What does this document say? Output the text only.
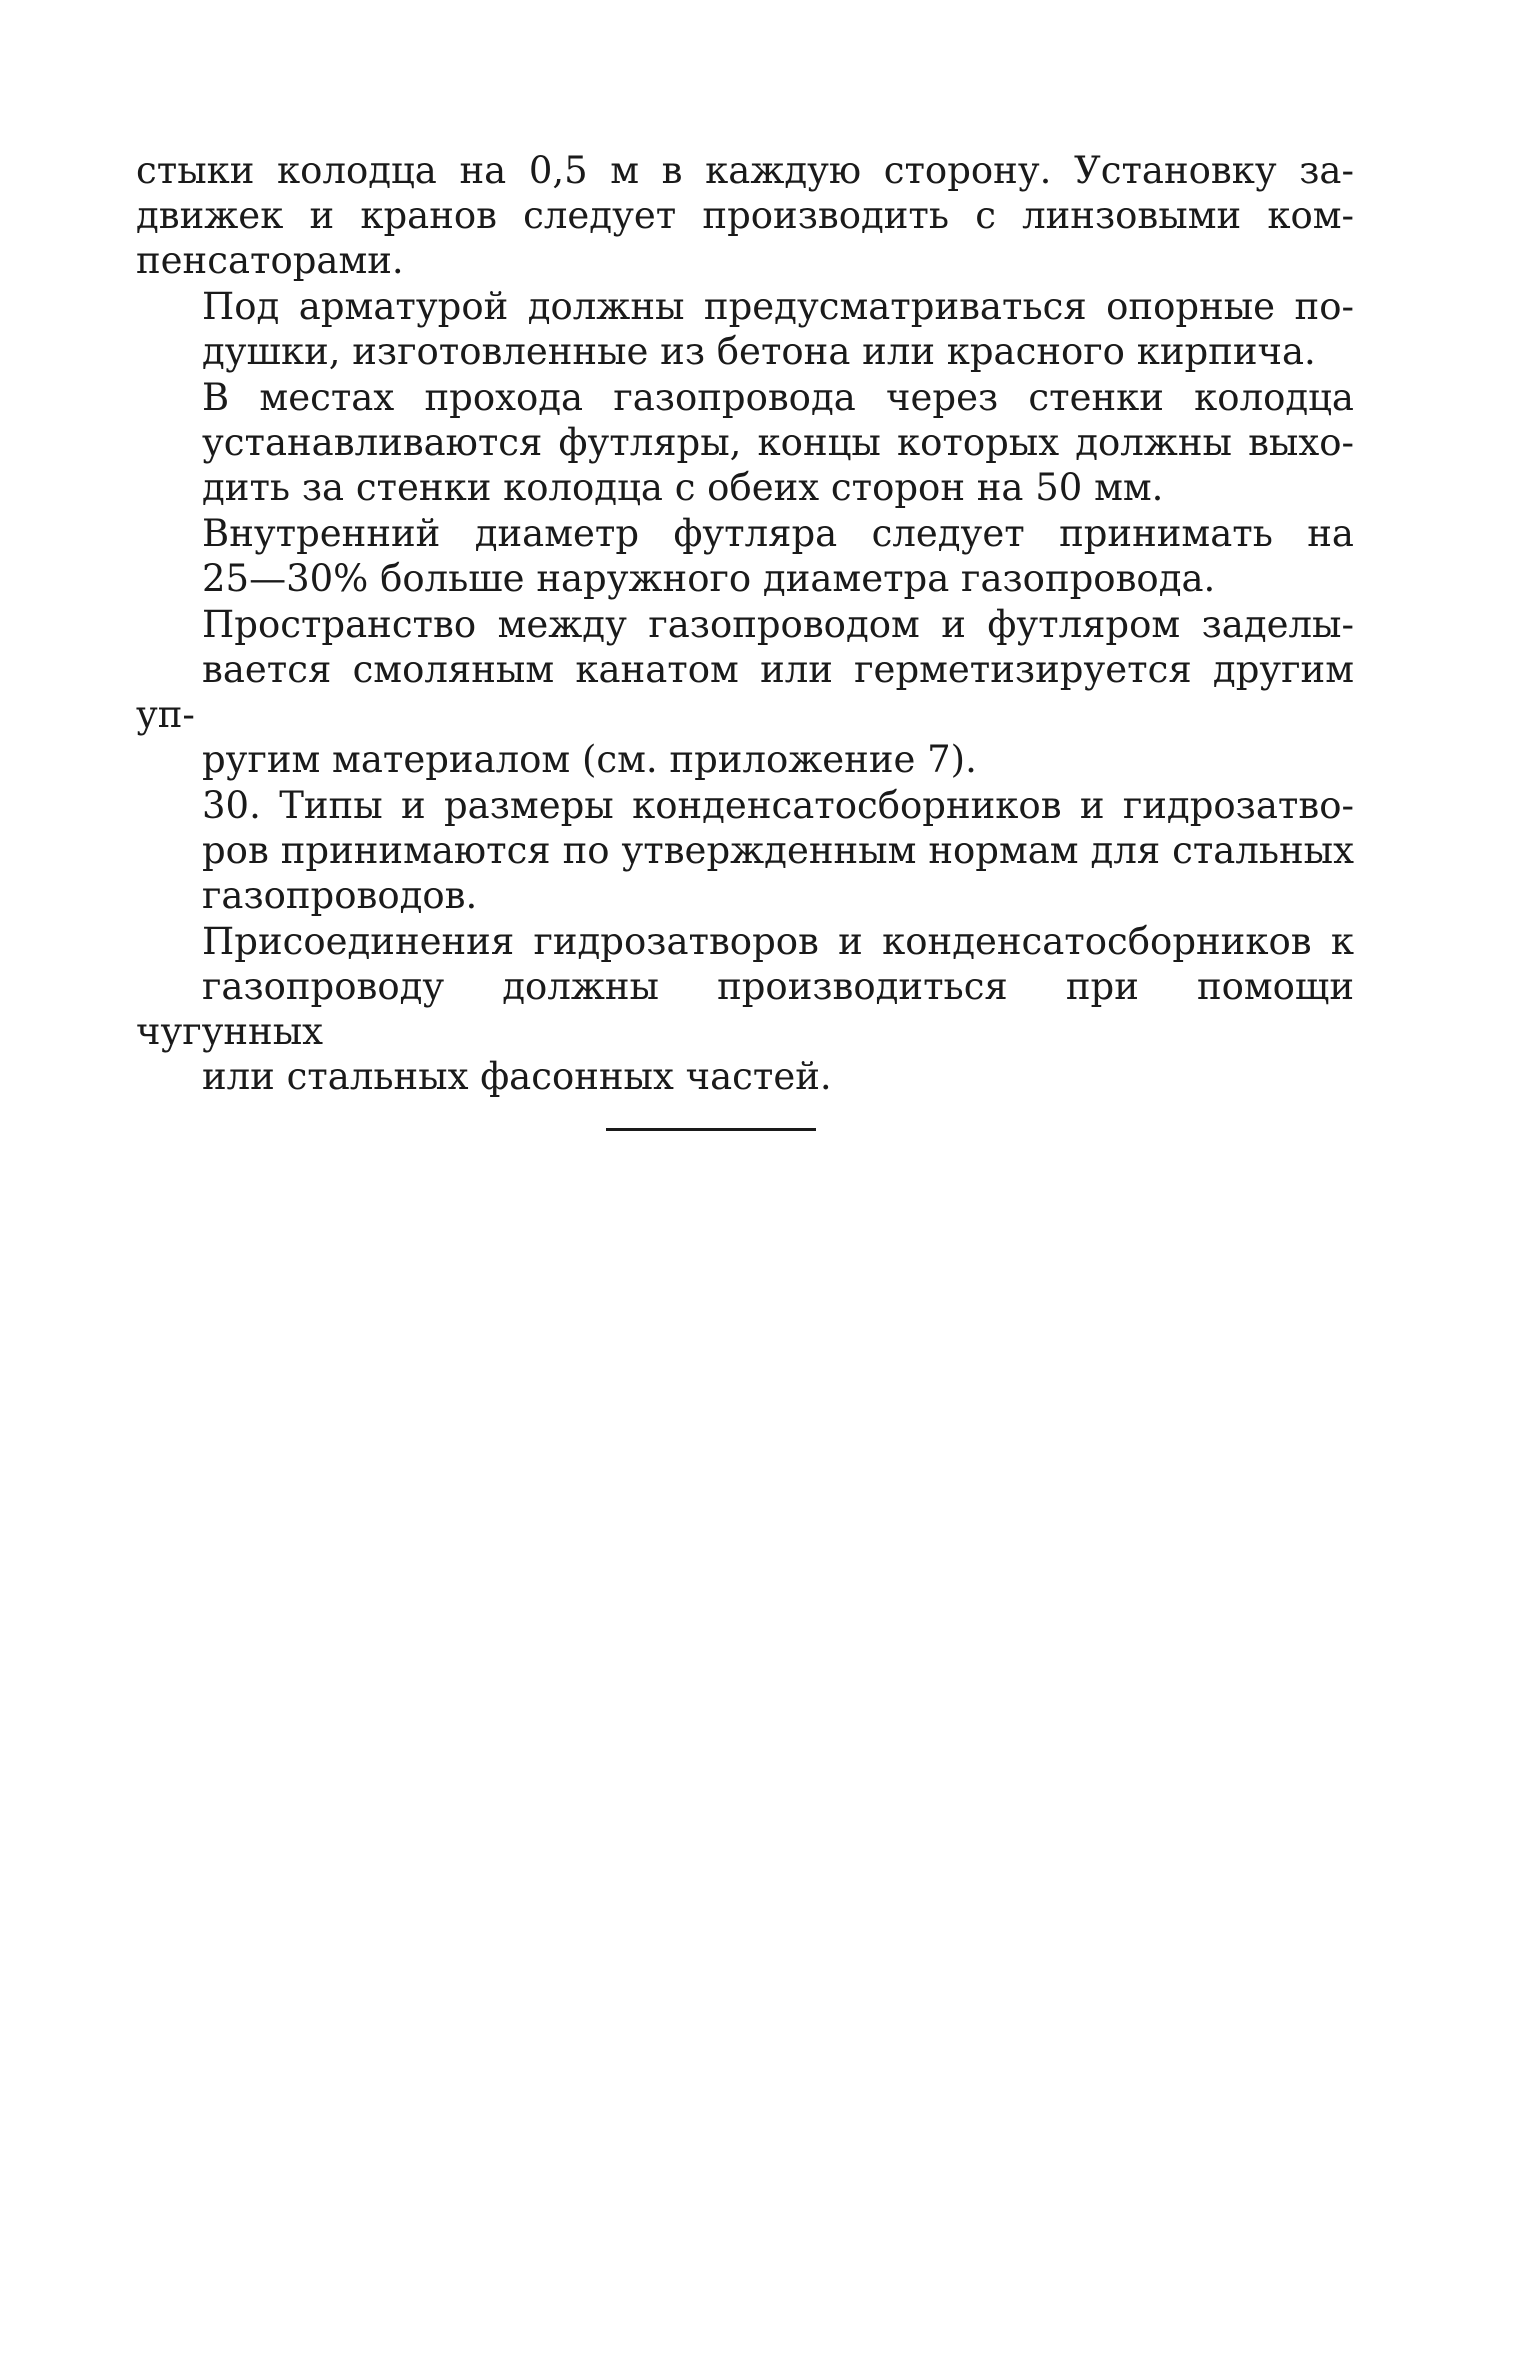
стыки колодца на 0,5 м в каждую сторону. Установку за-
движек и кранов следует производить с линзовыми ком-
пенсаторами.

Под арматурой должны предусматриваться опорные по-
душки, изготовленные из бетона или красного кирпича.

В местах прохода газопровода через стенки колодца
устанавливаются футляры, концы которых должны выхо-
дить за стенки колодца с обеих сторон на 50 мм.

Внутренний диаметр футляра следует принимать на
25—30% больше наружного диаметра газопровода.

Пространство между газопроводом и футляром заделы-
вается смоляным канатом или герметизируется другим уп-
ругим материалом (см. приложение 7).

30. Типы и размеры конденсатосборников и гидрозатво-
ров принимаются по утвержденным нормам для стальных
газопроводов.

Присоединения гидрозатворов и конденсатосборников к
газопроводу должны производиться при помощи чугунных
или стальных фасонных частей.
